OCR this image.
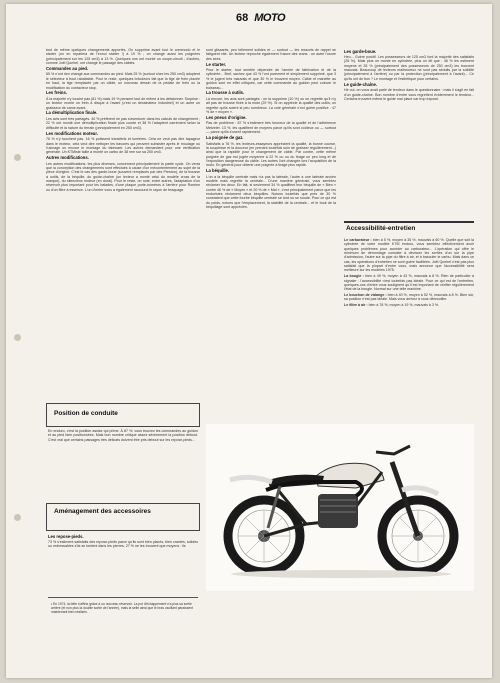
68 MOTO

tout de même quelques changements apportés. On supprime avant tout le commodo et le starter (on en reparlera de l'ennui starter !) à 19 % ; on change aussi les poignées (principalement sur les 125 cm3) à 13 %. Quelques uns ont monté un coupe-circuit ; d'autres, comme Joël Queirel, ont changé le passage des câbles.

Commandes au pied.

65 % n'ont rien changé aux commandes au pied. Mais 25 % (surtout chez les 250 cm3) adoptent le sélecteur à bout rabattable. Pour le reste, quelques bricoleurs fait que la tige de frein placée en haut, la tige remplacée par un câble, un nouveau dessin de la pédale de frein ou la modification du contacteur stop.

Les freins.

À la majorité n'y touche pas (81 %) mais 19 % pensent tout de même à les détalonner. Surprise : un lecteur monte un frein à disque à l'avant (c'est un dessinateur industriel) et un autre un graisseur de came avant.

La démultiplication finale.

Les avis sont très partagés. 40 % préfèrent ne pas s'aventurer dans les calculs de changement ; 22 % ont monté une démultiplication finale plus courte et 38 % l'adaptent carrément selon la difficulté et la nature du terrain (principalement en 250 cm3).

Les modifications moteur.

76 % n'y touchent pas. 16 % polissent transferts et lumières. Cela ne veut pas dire tapageur dans le moteur, cela veut dire nettoyer les bavures qui peuvent subsister après le moulage ou l'usinage ou encore le montage du fabricant. Les autres demandent pour une vérification générale. Un KTMiste taille a monté un carbu de 38 mm sur sa 250 cm3.

Autres modifications.

Les autres modifications, les plus diverses, concernent principalement la partie cycle. On verra que la conception des changements sont effectués à cause d'un mécontentement au sujet de la pièce d'origine. C'est le cas des garde-boue (souvent remplacés par des Preston), de la trousse à outils, de la béquille, du guide-chaîne (un lecteur a monté celui du modèle cross de la marque), du silencieux moteur (en dural). Pour le reste, on note, entre autres, l'adaptation d'un réservoir plus important pour les balades, d'une plaque porte-numéros à l'arrière pour Romien ou d'un filtre à essence. L'un d'entre vous a également raccourci le rayon de braquage.

Position de conduite

En enduro, c'est la position assise qui prime. À 87 %, vous trouvez les commandes au guidon et au pied bien positionnées. Mais bon nombre critique assez sévèrement la position debout. C'est vrai que certains passages très délicats doivent être pris debout sur les repose-pieds...

Aménagement des accessoires
Les repose-pieds.

73 % s'estiment satisfaits des repose-pieds parce qu'ils sont bien placés, bien crantés, solides ou redressables s'ils se tordent dans les pierres. 27 % ne les trouvent que moyens : ils

• En 1974, la bête s'affine grâce à un nouveau réservoir. La pot d'échappement n'a plus sa sortie arrière (et non plus la double sortie de l'année), mais la selle ainsi que le bras oscillant paraissent maintenant bien réalisés.

sont glissants, peu tellement solides et — surtout — les ressorts de rappel se fatiguent vite. Un lecteur reproche également l'usure des crans : un autre l'usure des axes.

Le starter.

Pour le starter, tout semble dépendre de l'année de fabrication et de la cylindrée... Bref, sachez que 43 % l'ont purement et simplement supprimé, que 3 % le jugent très mauvais et que 30 % le trouvent moyen. Câble et manette au guidon sont en effet critiqués, car cette commande au guidon peut coincer le boisseau...

La trousse à outils.

Là encore, les avis sont partagés : on la supprime (10 %) ou on regrette qu'il n'y ait pas de trousse fixée à la moto (29 %). Si on apprécie la qualité des outils, on regrette qu'ils soient si peu nombreux. La cote générale n'est guère positive : 47 % de « moyen ».

Les pneus d'origine.

Pas de problème : 87 % s'estiment très heureux de la qualité et de l'adhérence Metzeler. 13 %, les qualifient de moyens parce qu'ils sont coûteux ou — surtout — parce qu'ils s'usent rapidement.

La poignée de gaz.

Satisfaits à 76 %, les lecteurs-essayeurs apprécient la qualité, la bonne course, la souplesse et la douceur (en prenant toutefois soin de graisser régulièrement...) ainsi que la rapidité pour le changement de câble. Par contre, cette même poignée de gaz est jugée moyenne à 22 % ou ou du tirage un peu long et de l'exposition dangereuse du câble. Les autres l'ont changée lors l'acquisition de la moto. En général pour obtenir une poignée à tirage plus rapide.

La béquille.

L'un a la béquille centrale mais n'a pas la latérale, l'autre a une latérale ancien modèle mais regrette la centrale... D'une manière générale, vous semblez réclamer les deux. En fait, si seulement 34 % qualifient leur béquille de « Bien » contre 46 % de « Moyen » et 20 % de « Mal », c'est principalement parce que les enduristes réclament deux béquilles. Notons toutefois que près de 30 % constatent que cette fourbe béquille centrale se tord ou se soude. Pour ce qui est du poids, notons que l'emplacement, la stabilité de la centrale... et le bout de la béquillage sont appréciés.

Les garde-boue.

Heu... Guère positif. Les possesseurs de 125 cm3 font la majorité des satisfaits (26 %). Mais plus on monte en cylindrée, plus on dit que : 46 % les estiment moyens et 28 % (principalement des possesseurs de 250 cm3) les trouvent mauvais. Beaucoup de lecteurs malheureux ne sont pas séduits par la solidité (principalement à l'arrière) ou par la protection (principalement à l'avant)... Ce qu'ils ont de bon ? Le montage et l'esthétique pour certains.

Le guide-chaîne.

Hé oui, on vous avait parlé de tendeur dans le questionnaire : mais il s'agit en fait d'un guide-chaîne. Bon nombre d'entre vous regrettent évidemment le tendeur... Certains trouvent même le guide mal placé car trop exposé.

Accessibilité-entretien

Le carburateur : bien à 5 %, moyen à 35 %, mauvais à 60 %. Quelle que soit la cylindrée de votre modèle KTM enduro, vous semblez effectivement avoir quelques problèmes pour accéder au carburateur... L'opération qui offre le minimum de démontage consiste à dévisser les serfles d'un sur la pipe d'admission, l'autre sur la pipe du filtre à air, et à basculer le carbu. Mais dans ce cas, les opérations d'entretien ne sont guère facilitées. Joël Queirel n'est pas plus satisfait que la plupart d'entre vous, mais annonce que l'accessibilité sera meilleure sur les modèles 1975.

La bougie : bien à 49 %, moyen à 43 %, mauvais à 8 %. Rien de particulier à signaler : l'accessibilité n'est toutefois pas idéale. Pour ce qui est de l'entretien, quelques-uns d'entre vous soulignent qu'il est important de vérifier régulièrement l'état de la bougie. Normal sur une telle machine.

Le bouchon de vidange : bien à 40 %, moyen à 52 %, mauvais à 8 %. Bien sûr, sa position n'est pas idéale. Mais vous arrivez à vous débrouiller.

Le filtre à air : bien à 78 %, moyen à 19 %, mauvais à 3 %.
